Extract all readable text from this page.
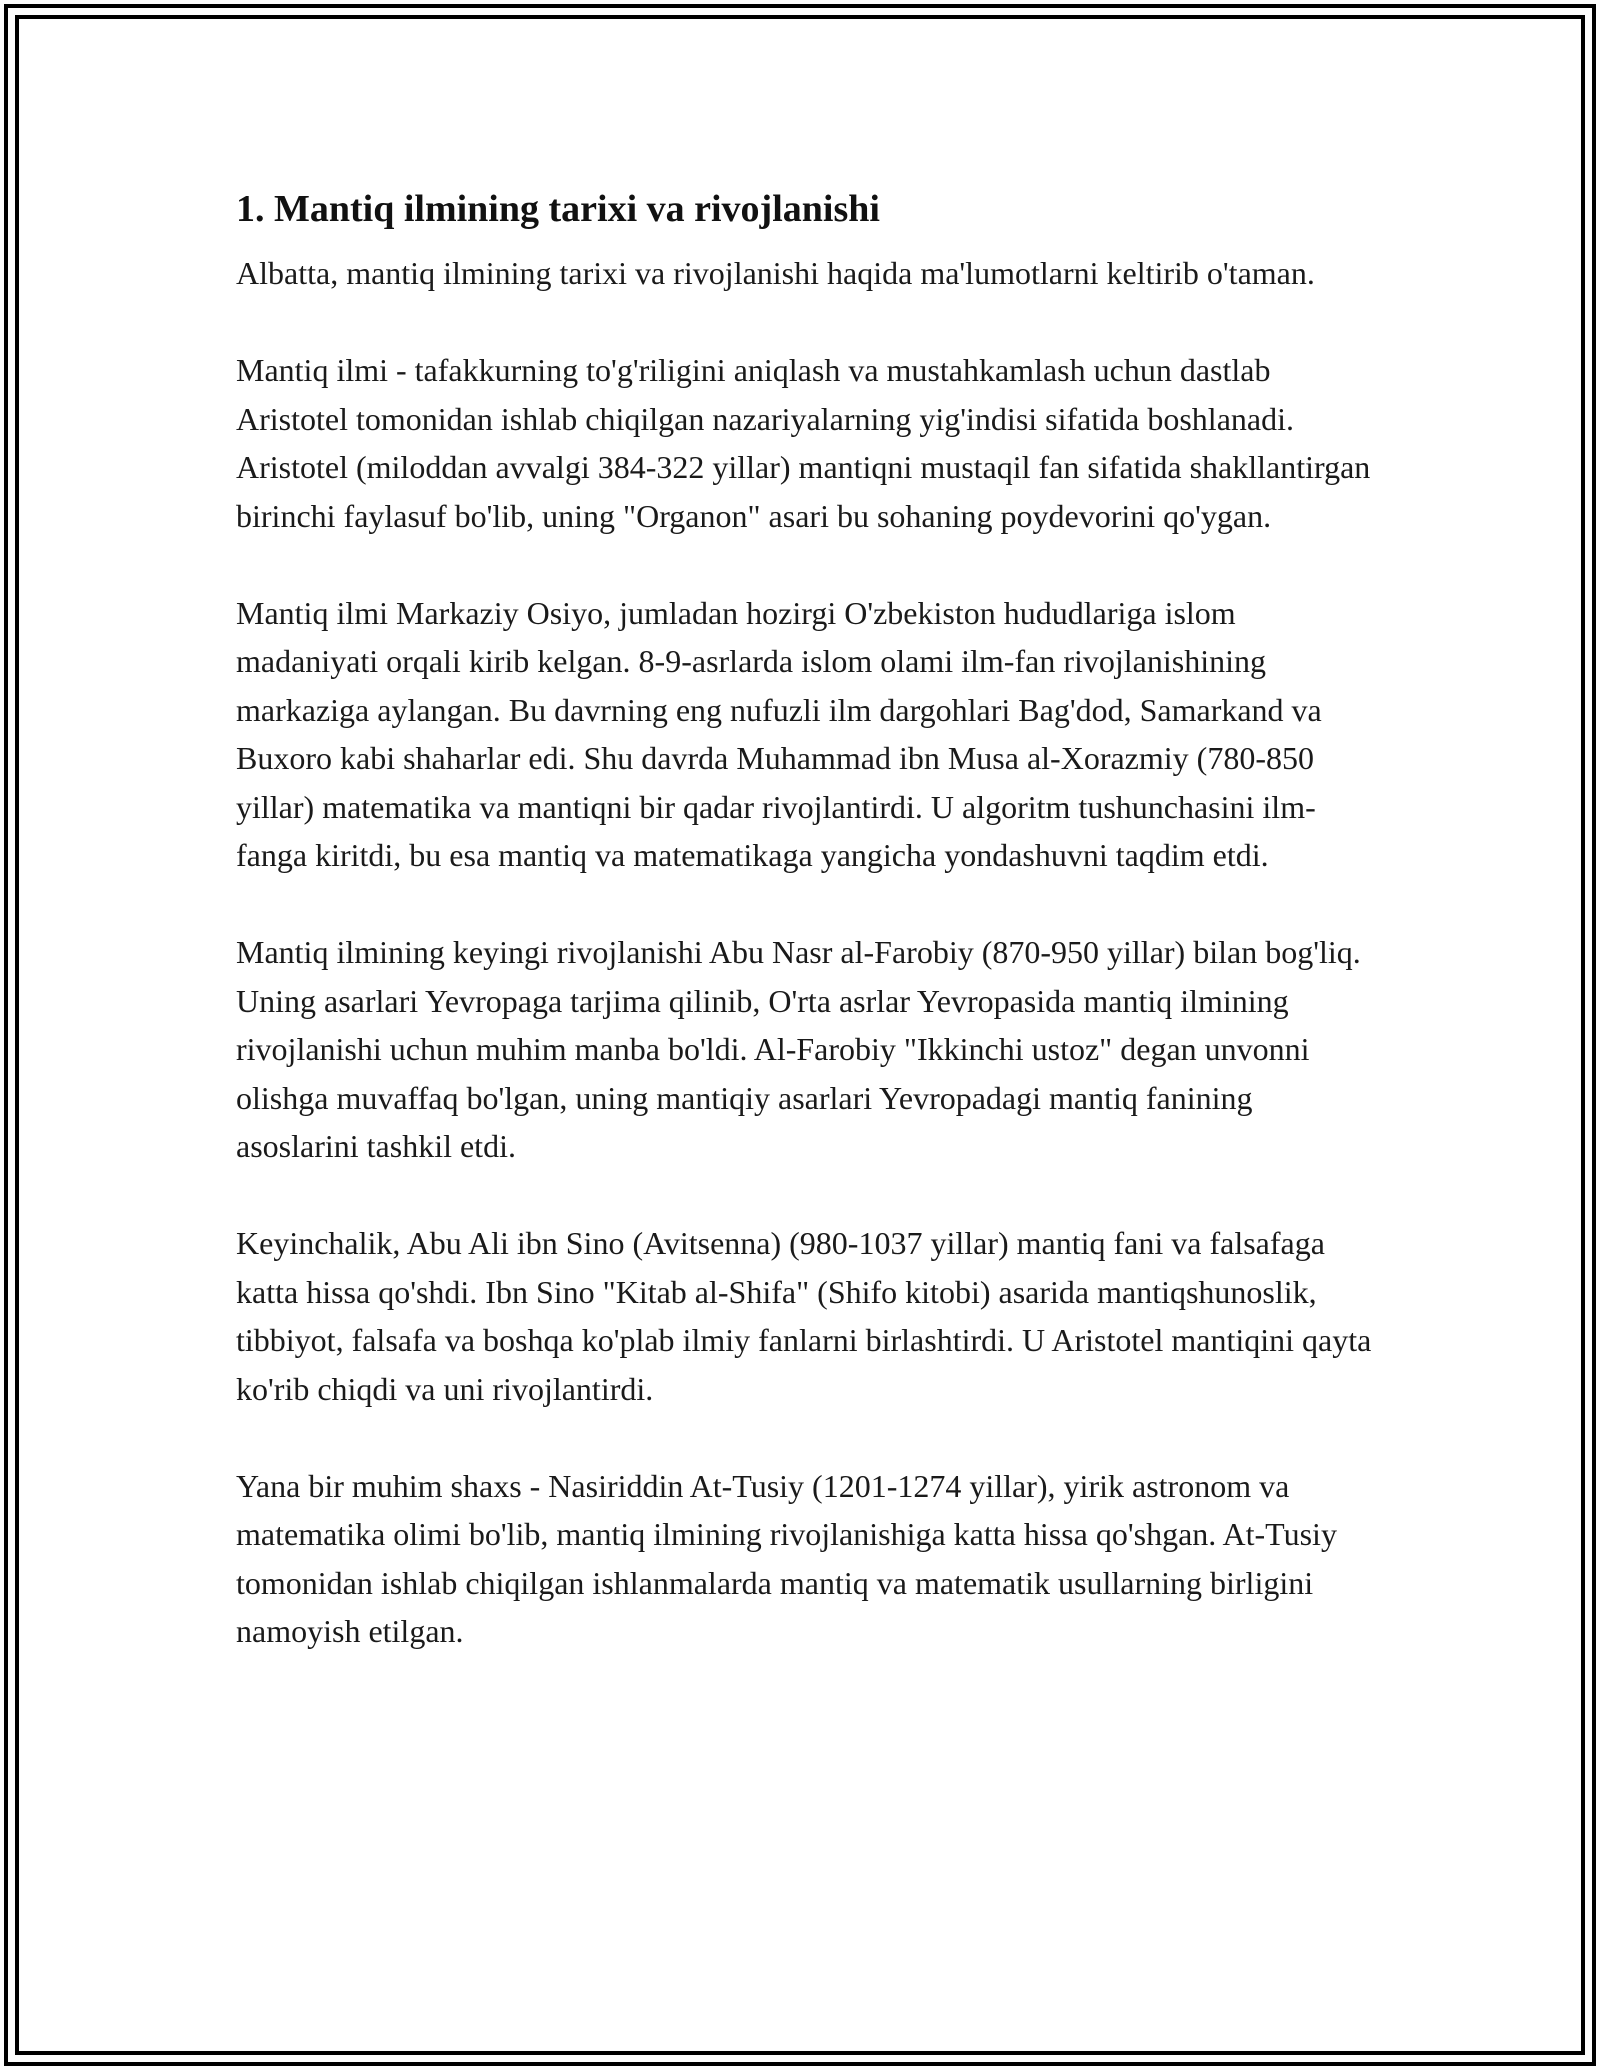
1. Mantiq ilmining tarixi va rivojlanishi

Albatta, mantiq ilmining tarixi va rivojlanishi haqida ma'lumotlarni keltirib o'taman.

Mantiq ilmi - tafakkurning to'g'riligini aniqlash va mustahkamlash uchun dastlab Aristotel tomonidan ishlab chiqilgan nazariyalarning yig'indisi sifatida boshlanadi. Aristotel (miloddan avvalgi 384-322 yillar) mantiqni mustaqil fan sifatida shakllantirgan birinchi faylasuf bo'lib, uning "Organon" asari bu sohaning poydevorini qo'ygan.

Mantiq ilmi Markaziy Osiyo, jumladan hozirgi O'zbekiston hududlariga islom madaniyati orqali kirib kelgan. 8-9-asrlarda islom olami ilm-fan rivojlanishining markaziga aylangan. Bu davrning eng nufuzli ilm dargohlari Bag'dod, Samarkand va Buxoro kabi shaharlar edi. Shu davrda Muhammad ibn Musa al-Xorazmiy (780-850 yillar) matematika va mantiqni bir qadar rivojlantirdi. U algoritm tushunchasini ilm-fanga kiritdi, bu esa mantiq va matematikaga yangicha yondashuvni taqdim etdi.

Mantiq ilmining keyingi rivojlanishi Abu Nasr al-Farobiy (870-950 yillar) bilan bog'liq. Uning asarlari Yevropaga tarjima qilinib, O'rta asrlar Yevropasida mantiq ilmining rivojlanishi uchun muhim manba bo'ldi. Al-Farobiy "Ikkinchi ustoz" degan unvonni olishga muvaffaq bo'lgan, uning mantiqiy asarlari Yevropadagi mantiq fanining asoslarini tashkil etdi.

Keyinchalik, Abu Ali ibn Sino (Avitsenna) (980-1037 yillar) mantiq fani va falsafaga katta hissa qo'shdi. Ibn Sino "Kitab al-Shifa" (Shifo kitobi) asarida mantiqshunoslik, tibbiyot, falsafa va boshqa ko'plab ilmiy fanlarni birlashtirdi. U Aristotel mantiqini qayta ko'rib chiqdi va uni rivojlantirdi.

Yana bir muhim shaxs - Nasiriddin At-Tusiy (1201-1274 yillar), yirik astronom va matematika olimi bo'lib, mantiq ilmining rivojlanishiga katta hissa qo'shgan. At-Tusiy tomonidan ishlab chiqilgan ishlanmalarda mantiq va matematik usullarning birligini namoyish etilgan.
